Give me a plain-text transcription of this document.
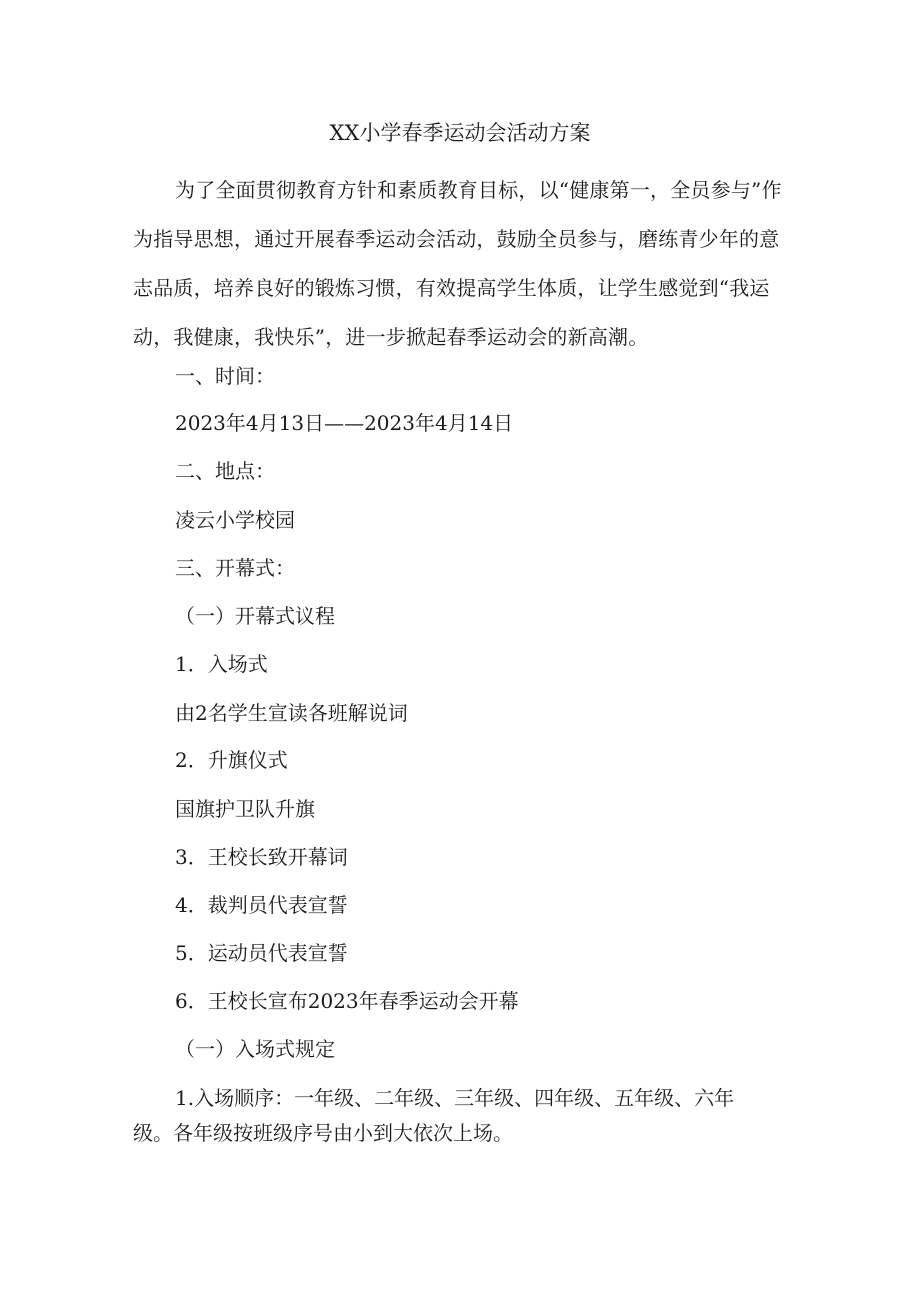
XX小学春季运动会活动方案

为了全面贯彻教育方针和素质教育目标，以“健康第一，全员参与”作为指导思想，通过开展春季运动会活动，鼓励全员参与，磨练青少年的意志品质，培养良好的锻炼习惯，有效提高学生体质，让学生感觉到“我运动，我健康，我快乐”，进一步掀起春季运动会的新高潮。

一、时间：
2023年4月13日——2023年4月14日
二、地点：
凌云小学校园
三、开幕式：
（一）开幕式议程
1．入场式
由2名学生宣读各班解说词
2．升旗仪式
国旗护卫队升旗
3．王校长致开幕词
4．裁判员代表宣誓
5．运动员代表宣誓
6．王校长宣布2023年春季运动会开幕
（一）入场式规定

1.入场顺序：一年级、二年级、三年级、四年级、五年级、六年级。各年级按班级序号由小到大依次上场。
